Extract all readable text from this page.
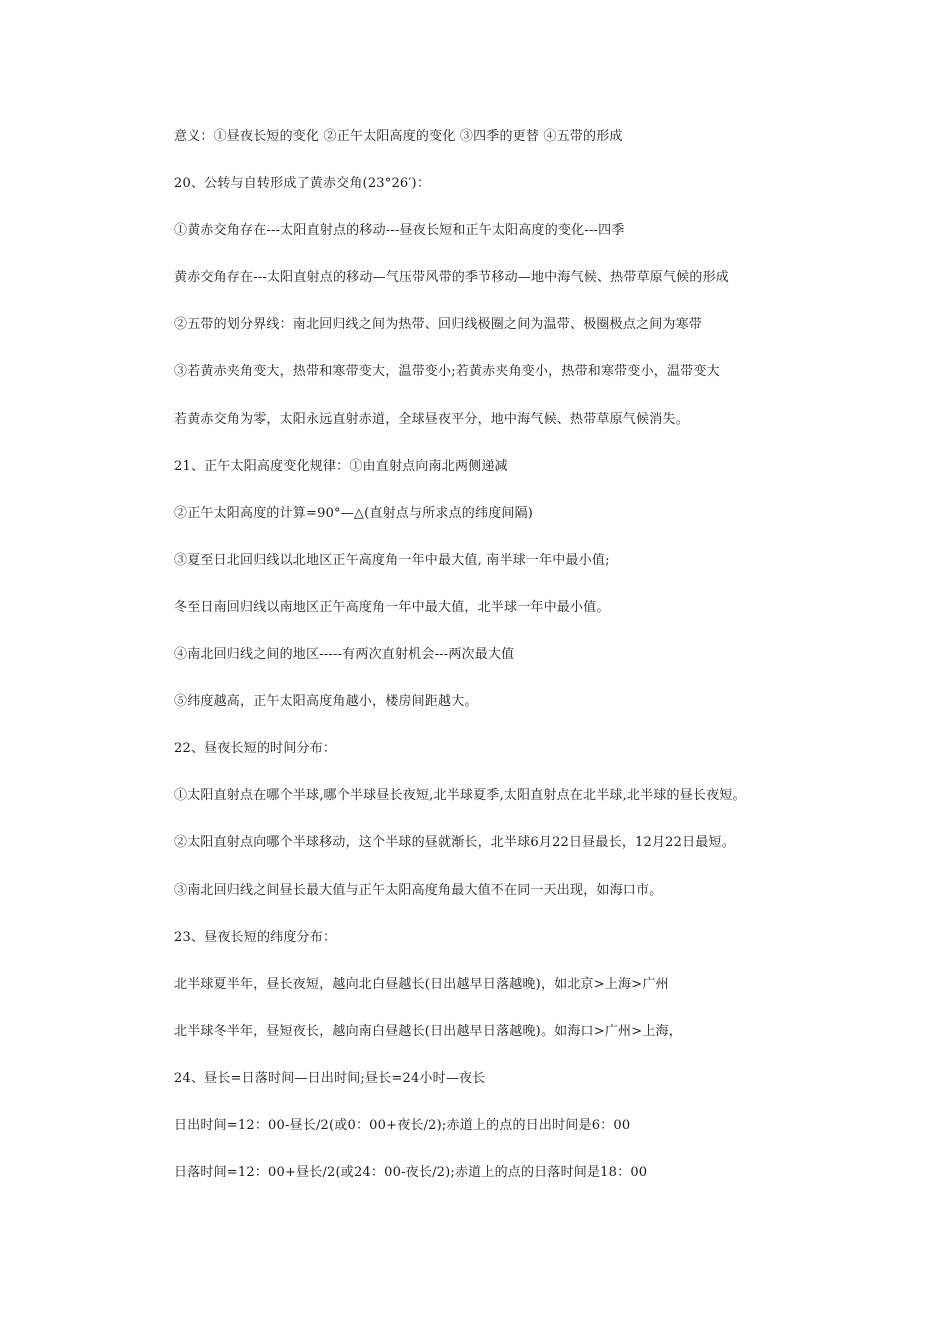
意义：①昼夜长短的变化 ②正午太阳高度的变化 ③四季的更替 ④五带的形成
20、公转与自转形成了黄赤交角(23°26′)：
①黄赤交角存在---太阳直射点的移动---昼夜长短和正午太阳高度的变化---四季
黄赤交角存在---太阳直射点的移动—气压带风带的季节移动—地中海气候、热带草原气候的形成
②五带的划分界线：南北回归线之间为热带、回归线极圈之间为温带、极圈极点之间为寒带
③若黄赤夹角变大，热带和寒带变大，温带变小;若黄赤夹角变小，热带和寒带变小，温带变大
若黄赤交角为零，太阳永远直射赤道，全球昼夜平分，地中海气候、热带草原气候消失。
21、正午太阳高度变化规律：①由直射点向南北两侧递减
②正午太阳高度的计算=90°—△(直射点与所求点的纬度间隔)
③夏至日北回归线以北地区正午高度角一年中最大值, 南半球一年中最小值;
冬至日南回归线以南地区正午高度角一年中最大值，北半球一年中最小值。
④南北回归线之间的地区-----有两次直射机会---两次最大值
⑤纬度越高，正午太阳高度角越小，楼房间距越大。
22、昼夜长短的时间分布：
①太阳直射点在哪个半球,哪个半球昼长夜短,北半球夏季,太阳直射点在北半球,北半球的昼长夜短。
②太阳直射点向哪个半球移动，这个半球的昼就渐长，北半球6月22日昼最长，12月22日最短。
③南北回归线之间昼长最大值与正午太阳高度角最大值不在同一天出现，如海口市。
23、昼夜长短的纬度分布：
北半球夏半年，昼长夜短，越向北白昼越长(日出越早日落越晚)，如北京>上海>广州
北半球冬半年，昼短夜长，越向南白昼越长(日出越早日落越晚)。如海口>广州>上海，
24、昼长=日落时间—日出时间;昼长=24小时—夜长
日出时间=12：00-昼长/2(或0：00+夜长/2);赤道上的点的日出时间是6：00
日落时间=12：00+昼长/2(或24：00-夜长/2);赤道上的点的日落时间是18：00
